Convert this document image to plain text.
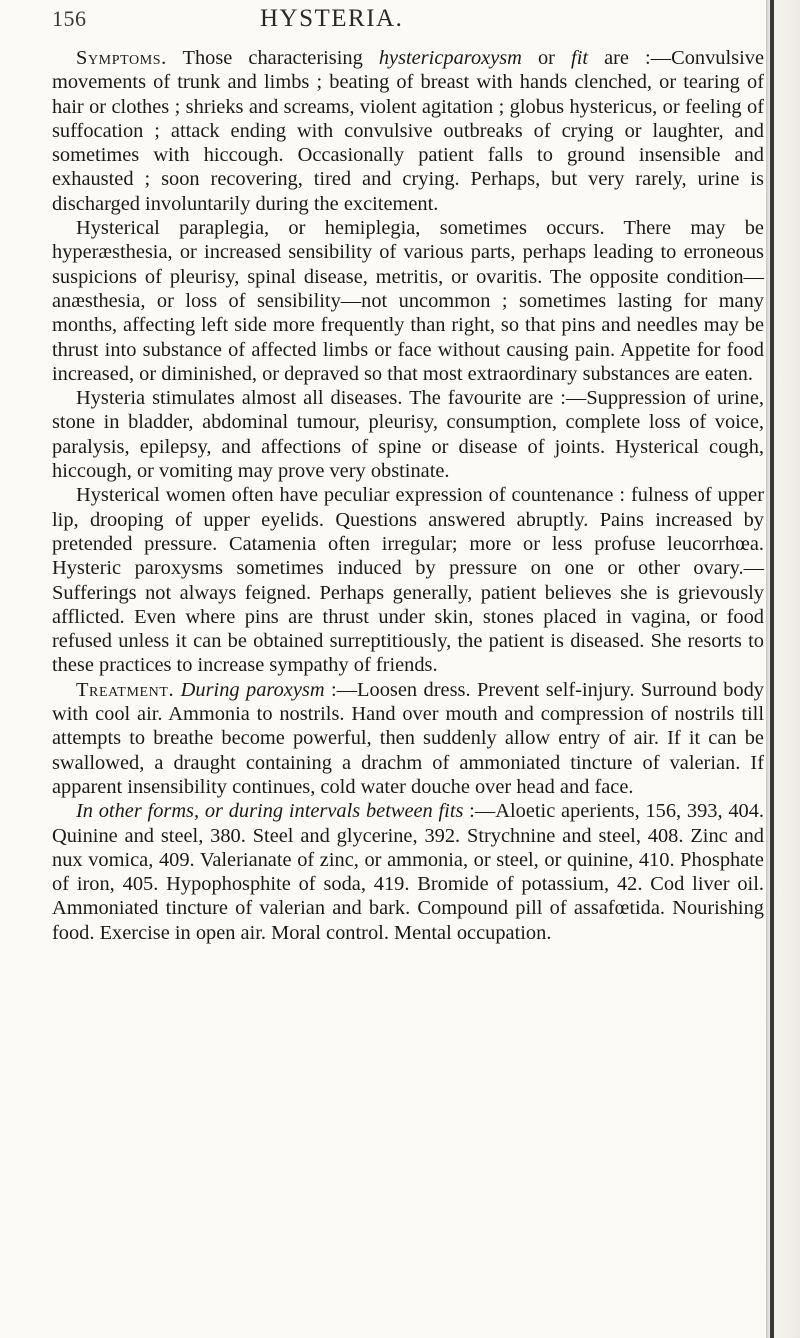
156	HYSTERIA.

Symptoms. Those characterising hystericparoxysm or fit are :—Convulsive movements of trunk and limbs ; beating of breast with hands clenched, or tearing of hair or clothes ; shrieks and screams, violent agitation ; globus hystericus, or feeling of suffocation ; attack ending with convulsive outbreaks of crying or laughter, and sometimes with hiccough. Occasionally patient falls to ground insensible and exhausted ; soon recovering, tired and crying. Perhaps, but very rarely, urine is discharged involuntarily during the excitement.

Hysterical paraplegia, or hemiplegia, sometimes occurs. There may be hyperæsthesia, or increased sensibility of various parts, perhaps leading to erroneous suspicions of pleurisy, spinal disease, metritis, or ovaritis. The opposite condition—anæsthesia, or loss of sensibility—not uncommon ; sometimes lasting for many months, affecting left side more frequently than right, so that pins and needles may be thrust into substance of affected limbs or face without causing pain. Appetite for food increased, or diminished, or depraved so that most extraordinary substances are eaten.

Hysteria stimulates almost all diseases. The favourite are :—Suppression of urine, stone in bladder, abdominal tumour, pleurisy, consumption, complete loss of voice, paralysis, epilepsy, and affections of spine or disease of joints. Hysterical cough, hiccough, or vomiting may prove very obstinate.

Hysterical women often have peculiar expression of countenance : fulness of upper lip, drooping of upper eyelids. Questions answered abruptly. Pains increased by pretended pressure. Catamenia often irregular; more or less profuse leucorrhœa. Hysteric paroxysms sometimes induced by pressure on one or other ovary.—Sufferings not always feigned. Perhaps generally, patient believes she is grievously afflicted. Even where pins are thrust under skin, stones placed in vagina, or food refused unless it can be obtained surreptitiously, the patient is diseased. She resorts to these practices to increase sympathy of friends.

Treatment. During paroxysm :—Loosen dress. Prevent self-injury. Surround body with cool air. Ammonia to nostrils. Hand over mouth and compression of nostrils till attempts to breathe become powerful, then suddenly allow entry of air. If it can be swallowed, a draught containing a drachm of ammoniated tincture of valerian. If apparent insensibility continues, cold water douche over head and face.

In other forms, or during intervals between fits :—Aloetic aperients, 156, 393, 404. Quinine and steel, 380. Steel and glycerine, 392. Strychnine and steel, 408. Zinc and nux vomica, 409. Valerianate of zinc, or ammonia, or steel, or quinine, 410. Phosphate of iron, 405. Hypophosphite of soda, 419. Bromide of potassium, 42. Cod liver oil. Ammoniated tincture of valerian and bark. Compound pill of assafœtida. Nourishing food. Exercise in open air. Moral control. Mental occupation.
